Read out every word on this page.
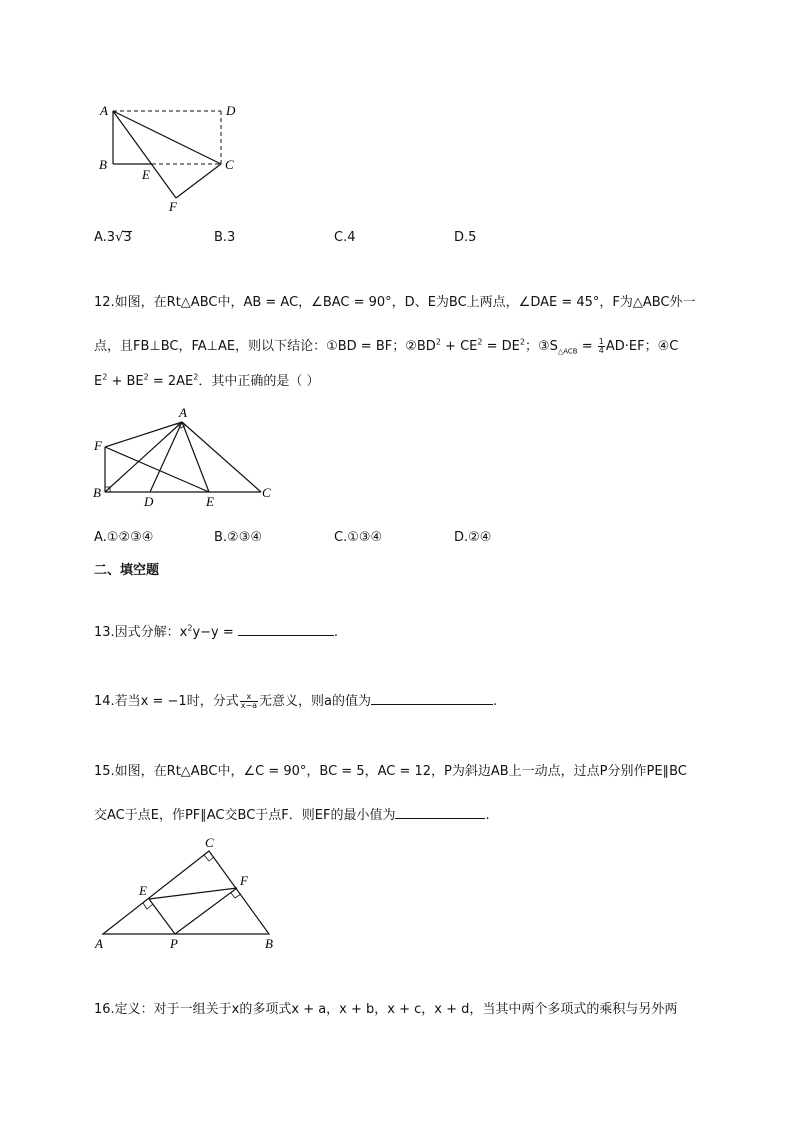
A	D
B	C
E
F
A.3√3	B.3	C.4	D.5
12.如图，在Rt△ABC中，AB = AC，∠BAC = 90°，D、E为BC上两点，∠DAE = 45°，F为△ABC外一
点，且FB⊥BC，FA⊥AE，则以下结论：①BD = BF；$②BD^2 + CE^2 = DE^2$；$③S_{\triangle ACB} = \frac{1}{4} AD\cdot EF$；④C
$E^2 + BE^2 = 2AE^2$．其中正确的是（ ）
A
F
B
D	E
C
A.①②③④	B.②③④	C.①③④	D.②④
二、填空题
13.因式分解：$x^2y-y$ =	.
14.若当x = −1时，分式 $\frac{x}{x-a}$ 无意义，则a的值为	.
15.如图，在Rt△ABC中，∠C = 90°，BC = 5，AC = 12，P为斜边AB上一动点，过点P分别作PE∥BC
交AC于点E，作PF∥AC交BC于点F．则EF的最小值为	.
C
E
F
A	P	B
16.定义：对于一组关于x的多项式x + a，x + b，x + c，x + d，当其中两个多项式的乘积与另外两
